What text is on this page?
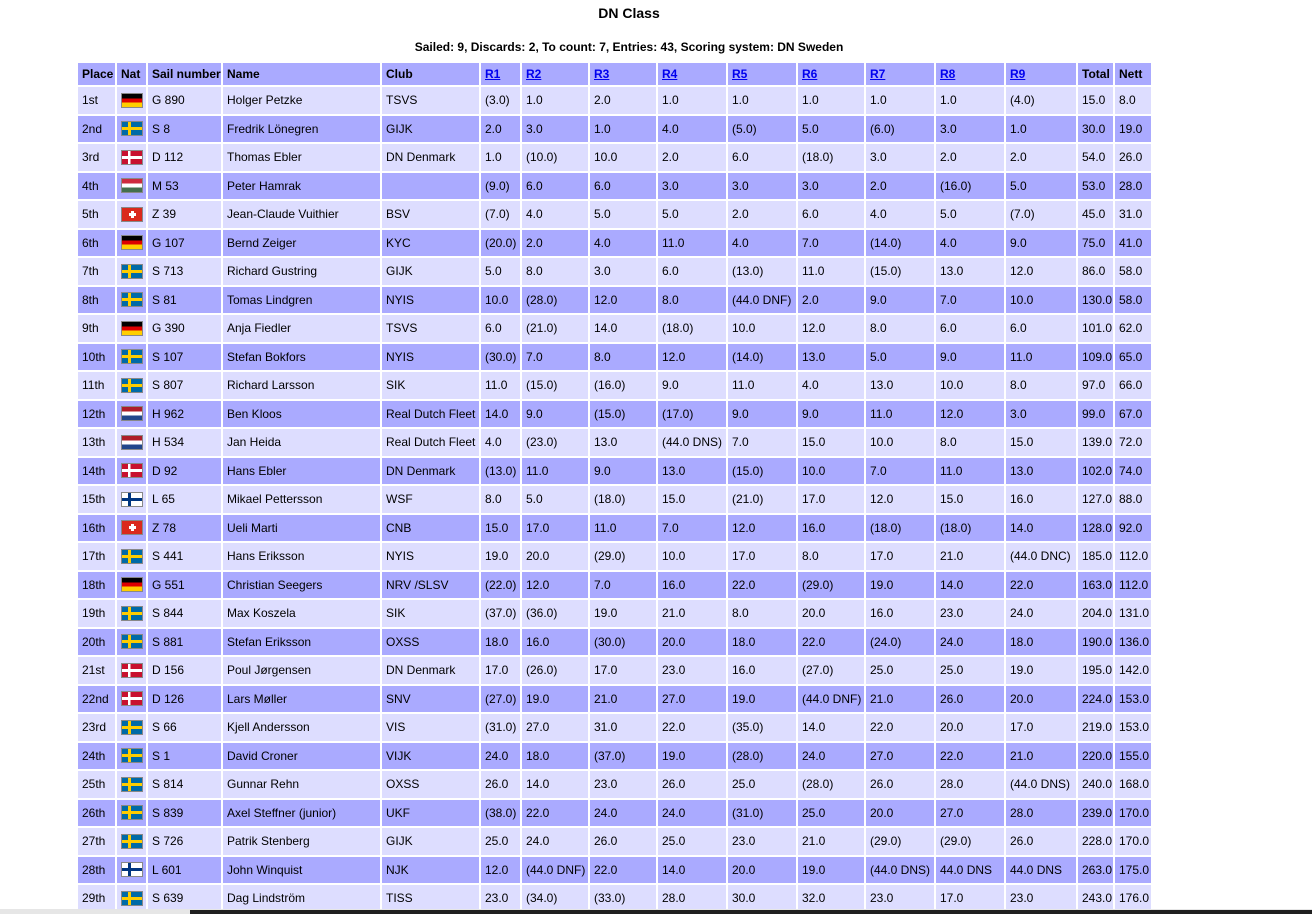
DN Class
Sailed: 9, Discards: 2, To count: 7, Entries: 43, Scoring system: DN Sweden
Place	Nat	Sail number	Name	Club	R1	R2	R3	R4	R5	R6	R7	R8	R9	Total	Nett
1st		G 890	Holger Petzke	TSVS	(3.0)	1.0	2.0	1.0	1.0	1.0	1.0	1.0	(4.0)	15.0	8.0
2nd		S 8	Fredrik Lönegren	GIJK	2.0	3.0	1.0	4.0	(5.0)	5.0	(6.0)	3.0	1.0	30.0	19.0
3rd		D 112	Thomas Ebler	DN Denmark	1.0	(10.0)	10.0	2.0	6.0	(18.0)	3.0	2.0	2.0	54.0	26.0
4th		M 53	Peter Hamrak		(9.0)	6.0	6.0	3.0	3.0	3.0	2.0	(16.0)	5.0	53.0	28.0
5th		Z 39	Jean-Claude Vuithier	BSV	(7.0)	4.0	5.0	5.0	2.0	6.0	4.0	5.0	(7.0)	45.0	31.0
6th		G 107	Bernd Zeiger	KYC	(20.0)	2.0	4.0	11.0	4.0	7.0	(14.0)	4.0	9.0	75.0	41.0
7th		S 713	Richard Gustring	GIJK	5.0	8.0	3.0	6.0	(13.0)	11.0	(15.0)	13.0	12.0	86.0	58.0
8th		S 81	Tomas Lindgren	NYIS	10.0	(28.0)	12.0	8.0	(44.0 DNF)	2.0	9.0	7.0	10.0	130.0	58.0
9th		G 390	Anja Fiedler	TSVS	6.0	(21.0)	14.0	(18.0)	10.0	12.0	8.0	6.0	6.0	101.0	62.0
10th		S 107	Stefan Bokfors	NYIS	(30.0)	7.0	8.0	12.0	(14.0)	13.0	5.0	9.0	11.0	109.0	65.0
11th		S 807	Richard Larsson	SIK	11.0	(15.0)	(16.0)	9.0	11.0	4.0	13.0	10.0	8.0	97.0	66.0
12th		H 962	Ben Kloos	Real Dutch Fleet	14.0	9.0	(15.0)	(17.0)	9.0	9.0	11.0	12.0	3.0	99.0	67.0
13th		H 534	Jan Heida	Real Dutch Fleet	4.0	(23.0)	13.0	(44.0 DNS)	7.0	15.0	10.0	8.0	15.0	139.0	72.0
14th		D 92	Hans Ebler	DN Denmark	(13.0)	11.0	9.0	13.0	(15.0)	10.0	7.0	11.0	13.0	102.0	74.0
15th		L 65	Mikael Pettersson	WSF	8.0	5.0	(18.0)	15.0	(21.0)	17.0	12.0	15.0	16.0	127.0	88.0
16th		Z 78	Ueli Marti	CNB	15.0	17.0	11.0	7.0	12.0	16.0	(18.0)	(18.0)	14.0	128.0	92.0
17th		S 441	Hans Eriksson	NYIS	19.0	20.0	(29.0)	10.0	17.0	8.0	17.0	21.0	(44.0 DNC)	185.0	112.0
18th		G 551	Christian Seegers	NRV /SLSV	(22.0)	12.0	7.0	16.0	22.0	(29.0)	19.0	14.0	22.0	163.0	112.0
19th		S 844	Max Koszela	SIK	(37.0)	(36.0)	19.0	21.0	8.0	20.0	16.0	23.0	24.0	204.0	131.0
20th		S 881	Stefan Eriksson	OXSS	18.0	16.0	(30.0)	20.0	18.0	22.0	(24.0)	24.0	18.0	190.0	136.0
21st		D 156	Poul Jørgensen	DN Denmark	17.0	(26.0)	17.0	23.0	16.0	(27.0)	25.0	25.0	19.0	195.0	142.0
22nd		D 126	Lars Møller	SNV	(27.0)	19.0	21.0	27.0	19.0	(44.0 DNF)	21.0	26.0	20.0	224.0	153.0
23rd		S 66	Kjell Andersson	VIS	(31.0)	27.0	31.0	22.0	(35.0)	14.0	22.0	20.0	17.0	219.0	153.0
24th		S 1	David Croner	VIJK	24.0	18.0	(37.0)	19.0	(28.0)	24.0	27.0	22.0	21.0	220.0	155.0
25th		S 814	Gunnar Rehn	OXSS	26.0	14.0	23.0	26.0	25.0	(28.0)	26.0	28.0	(44.0 DNS)	240.0	168.0
26th		S 839	Axel Steffner (junior)	UKF	(38.0)	22.0	24.0	24.0	(31.0)	25.0	20.0	27.0	28.0	239.0	170.0
27th		S 726	Patrik Stenberg	GIJK	25.0	24.0	26.0	25.0	23.0	21.0	(29.0)	(29.0)	26.0	228.0	170.0
28th		L 601	John Winquist	NJK	12.0	(44.0 DNF)	22.0	14.0	20.0	19.0	(44.0 DNS)	44.0 DNS	44.0 DNS	263.0	175.0
29th		S 639	Dag Lindström	TISS	23.0	(34.0)	(33.0)	28.0	30.0	32.0	23.0	17.0	23.0	243.0	176.0
